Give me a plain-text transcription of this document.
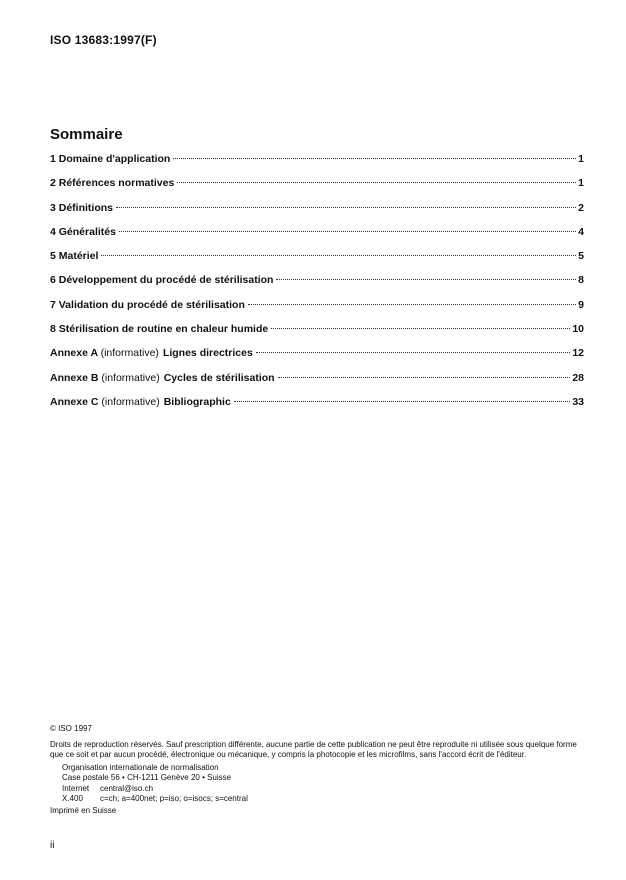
ISO 13683:1997(F)
Sommaire
1 Domaine d'application	1
2 Références normatives	1
3 Définitions	2
4 Généralités	4
5 Matériel	5
6 Développement du procédé de stérilisation	8
7 Validation du procédé de stérilisation	9
8 Stérilisation de routine en chaleur humide	10
Annexe A (informative) Lignes directrices	12
Annexe B (informative) Cycles de stérilisation	28
Annexe C (informative) Bibliographic	33
© ISO 1997
Droits de reproduction réservés. Sauf prescription différente, aucune partie de cette publication ne peut être reproduite ni utilisée sous quelque forme que ce soit et par aucun procédé, électronique ou mécanique, y compris la photocopie et les microfilms, sans l'accord écrit de l'éditeur.
Organisation internationale de normalisation
Case postale 56 • CH-1211 Genève 20 • Suisse
Internet	central@iso.ch
X.400	c=ch; a=400net; p=iso; o=isocs; s=central
Imprimé en Suisse
ii
